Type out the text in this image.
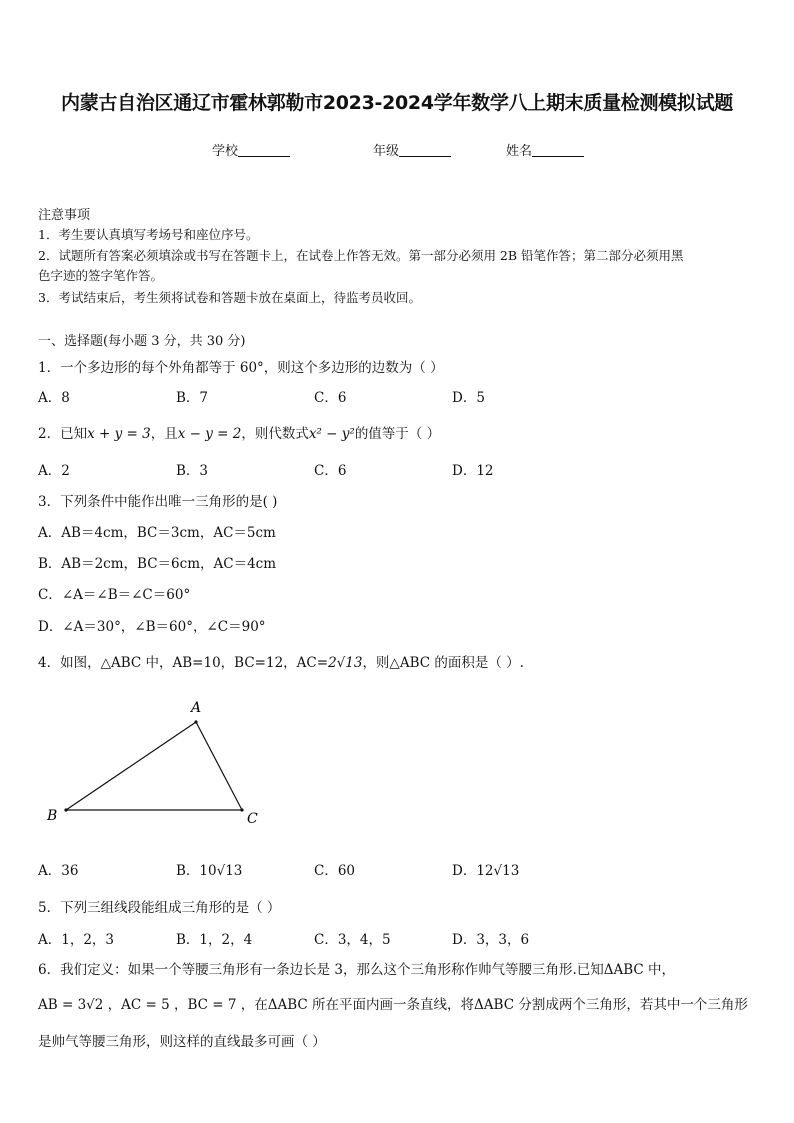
内蒙古自治区通辽市霍林郭勒市2023-2024学年数学八上期末质量检测模拟试题
学校	年级	姓名
注意事项
1．考生要认真填写考场号和座位序号。
2．试题所有答案必须填涂或书写在答题卡上，在试卷上作答无效。第一部分必须用 2B 铅笔作答；第二部分必须用黑
色字迹的签字笔作答。
3．考试结束后，考生须将试卷和答题卡放在桌面上，待监考员收回。
一、选择题(每小题 3 分，共 30 分)
1．一个多边形的每个外角都等于 60°，则这个多边形的边数为（ ）
A．8	B．7	C．6	D．5
2．已知x + y = 3，且x − y = 2，则代数式x² − y²的值等于（ ）
A．2	B．3	C．6	D．12
3．下列条件中能作出唯一三角形的是( )
A．AB＝4cm，BC＝3cm，AC＝5cm
B．AB＝2cm，BC＝6cm，AC＝4cm
C．∠A＝∠B＝∠C＝60°
D．∠A＝30°，∠B＝60°，∠C＝90°
4．如图，△ABC 中，AB=10，BC=12，AC=2√13，则△ABC 的面积是（ ）.
A
B	C
A．36	B．10√13	C．60	D．12√13
5．下列三组线段能组成三角形的是（ ）
A．1，2，3	B．1，2，4	C．3，4，5	D．3，3，6
6．我们定义：如果一个等腰三角形有一条边长是 3，那么这个三角形称作帅气等腰三角形.已知ΔABC 中，
AB = 3√2 ，AC = 5 ，BC = 7 ，在ΔABC 所在平面内画一条直线，将ΔABC 分割成两个三角形，若其中一个三角形
是帅气等腰三角形，则这样的直线最多可画（ ）
